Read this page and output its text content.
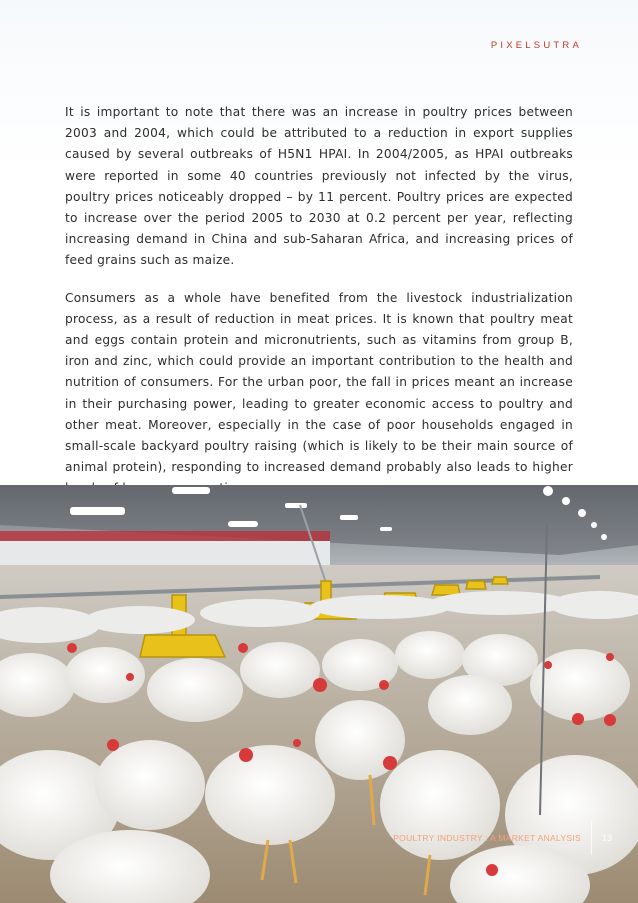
PIXELSUTRA

It is important to note that there was an increase in poultry prices between 2003 and 2004, which could be attributed to a reduction in export supplies caused by several outbreaks of H5N1 HPAI. In 2004/2005, as HPAI outbreaks were reported in some 40 countries previously not infected by the virus, poultry prices noticeably dropped – by 11 percent. Poultry prices are expected to increase over the period 2005 to 2030 at 0.2 percent per year, reflecting increasing demand in China and sub-Saharan Africa, and increasing prices of feed grains such as maize.

Consumers as a whole have benefited from the livestock industrialization process, as a result of reduction in meat prices. It is known that poultry meat and eggs contain protein and micronutrients, such as vitamins from group B, iron and zinc, which could provide an important contribution to the health and nutrition of consumers. For the urban poor, the fall in prices meant an increase in their purchasing power, leading to greater economic access to poultry and other meat. Moreover, especially in the case of poor households engaged in small-scale backyard poultry raising (which is likely to be their main source of animal protein), responding to increased demand probably also leads to higher

POULTRY INDUSTRY : A MARKET ANALYSIS 13
